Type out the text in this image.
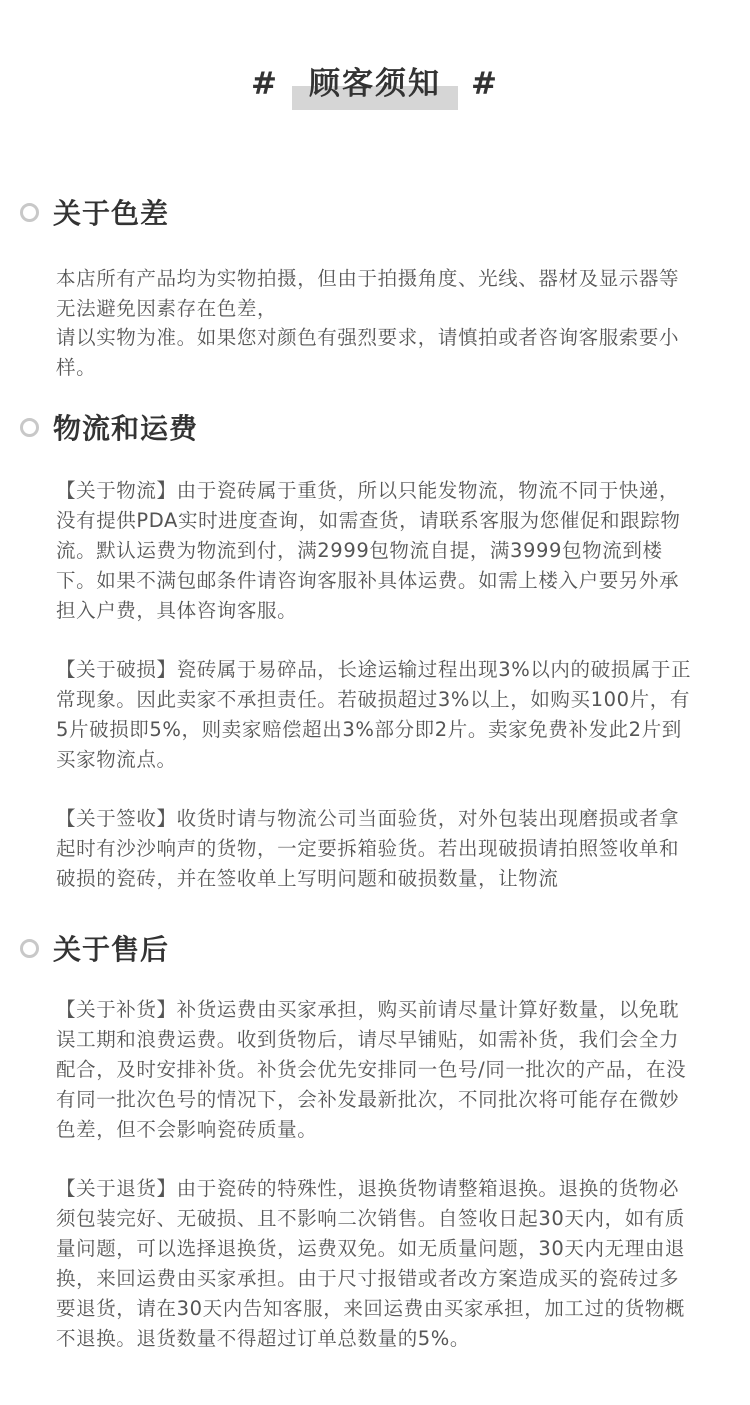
# 顾客须知 #
关于色差

本店所有产品均为实物拍摄，但由于拍摄角度、光线、器材及显示器等无法避免因素存在色差，

请以实物为准。如果您对颜色有强烈要求，请慎拍或者咨询客服索要小样。

物流和运费

【关于物流】由于瓷砖属于重货，所以只能发物流，物流不同于快递，没有提供PDA实时进度查询，如需查货，请联系客服为您催促和跟踪物流。默认运费为物流到付，满2999包物流自提，满3999包物流到楼下。如果不满包邮条件请咨询客服补具体运费。如需上楼入户要另外承担入户费，具体咨询客服。

【关于破损】瓷砖属于易碎品，长途运输过程出现3%以内的破损属于正常现象。因此卖家不承担责任。若破损超过3%以上，如购买100片，有5片破损即5%，则卖家赔偿超出3%部分即2片。卖家免费补发此2片到买家物流点。

【关于签收】收货时请与物流公司当面验货，对外包装出现磨损或者拿起时有沙沙响声的货物，一定要拆箱验货。若出现破损请拍照签收单和破损的瓷砖，并在签收单上写明问题和破损数量，让物流

关于售后

【关于补货】补货运费由买家承担，购买前请尽量计算好数量，以免耽误工期和浪费运费。收到货物后，请尽早铺贴，如需补货，我们会全力配合，及时安排补货。补货会优先安排同一色号/同一批次的产品，在没有同一批次色号的情况下，会补发最新批次，不同批次将可能存在微妙色差，但不会影响瓷砖质量。

【关于退货】由于瓷砖的特殊性，退换货物请整箱退换。退换的货物必须包装完好、无破损、且不影响二次销售。自签收日起30天内，如有质量问题，可以选择退换货，运费双免。如无质量问题，30天内无理由退换，来回运费由买家承担。由于尺寸报错或者改方案造成买的瓷砖过多要退货，请在30天内告知客服，来回运费由买家承担，加工过的货物概不退换。退货数量不得超过订单总数量的5%。
